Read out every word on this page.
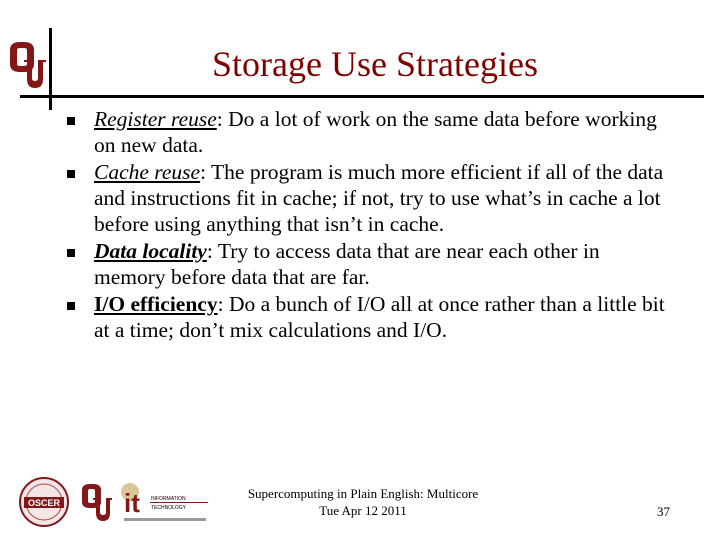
Storage Use Strategies
Register reuse: Do a lot of work on the same data before working on new data.
Cache reuse: The program is much more efficient if all of the data and instructions fit in cache; if not, try to use what’s in cache a lot before using anything that isn’t in cache.
Data locality: Try to access data that are near each other in memory before data that are far.
I/O efficiency: Do a bunch of I/O all at once rather than a little bit at a time; don’t mix calculations and I/O.
OSCER it INFORMATION
TECHNOLOGY
Supercomputing in Plain English: Multicore
Tue Apr 12 2011	37
